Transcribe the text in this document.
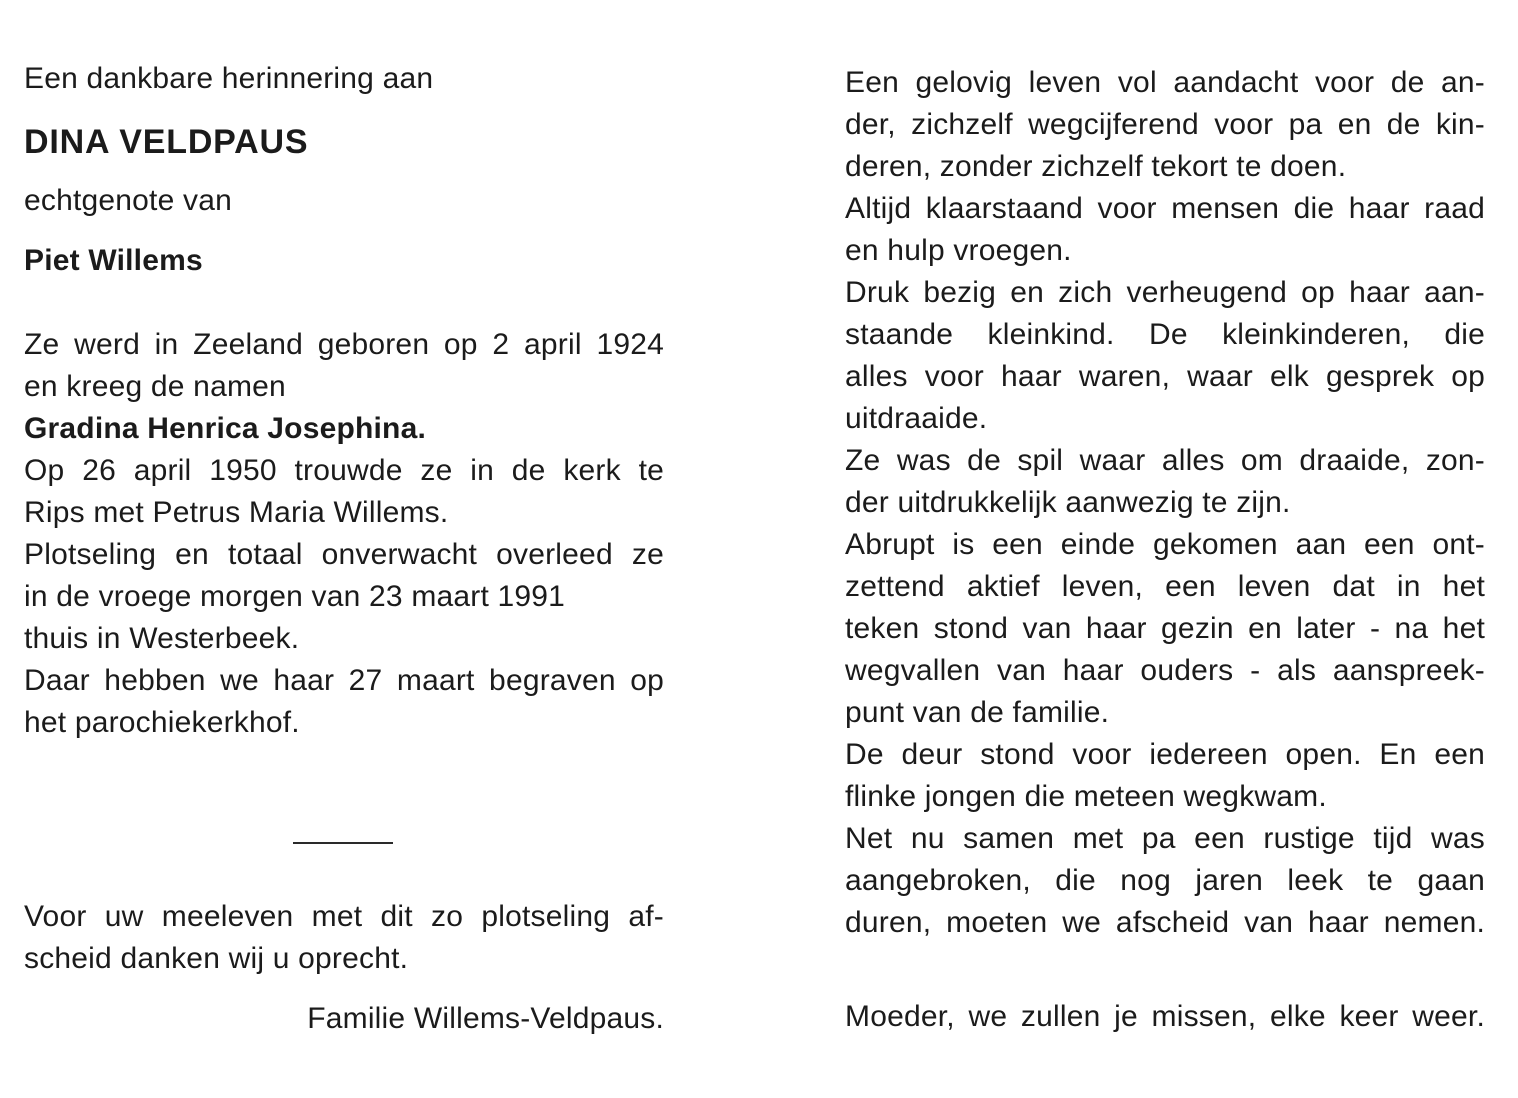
Een dankbare herinnering aan
DINA VELDPAUS
echtgenote van
Piet Willems
Ze werd in Zeeland geboren op 2 april 1924
en kreeg de namen
Gradina Henrica Josephina.
Op 26 april 1950 trouwde ze in de kerk te
Rips met Petrus Maria Willems.
Plotseling en totaal onverwacht overleed ze
in de vroege morgen van 23 maart 1991
thuis in Westerbeek.
Daar hebben we haar 27 maart begraven op
het parochiekerkhof.
Voor uw meeleven met dit zo plotseling af-
scheid danken wij u oprecht.
Familie Willems-Veldpaus.
Een gelovig leven vol aandacht voor de an-
der, zichzelf wegcijferend voor pa en de kin-
deren, zonder zichzelf tekort te doen.
Altijd klaarstaand voor mensen die haar raad
en hulp vroegen.
Druk bezig en zich verheugend op haar aan-
staande kleinkind. De kleinkinderen, die
alles voor haar waren, waar elk gesprek op
uitdraaide.
Ze was de spil waar alles om draaide, zon-
der uitdrukkelijk aanwezig te zijn.
Abrupt is een einde gekomen aan een ont-
zettend aktief leven, een leven dat in het
teken stond van haar gezin en later - na het
wegvallen van haar ouders - als aanspreek-
punt van de familie.
De deur stond voor iedereen open. En een
flinke jongen die meteen wegkwam.
Net nu samen met pa een rustige tijd was
aangebroken, die nog jaren leek te gaan
duren, moeten we afscheid van haar nemen.
Moeder, we zullen je missen, elke keer weer.
